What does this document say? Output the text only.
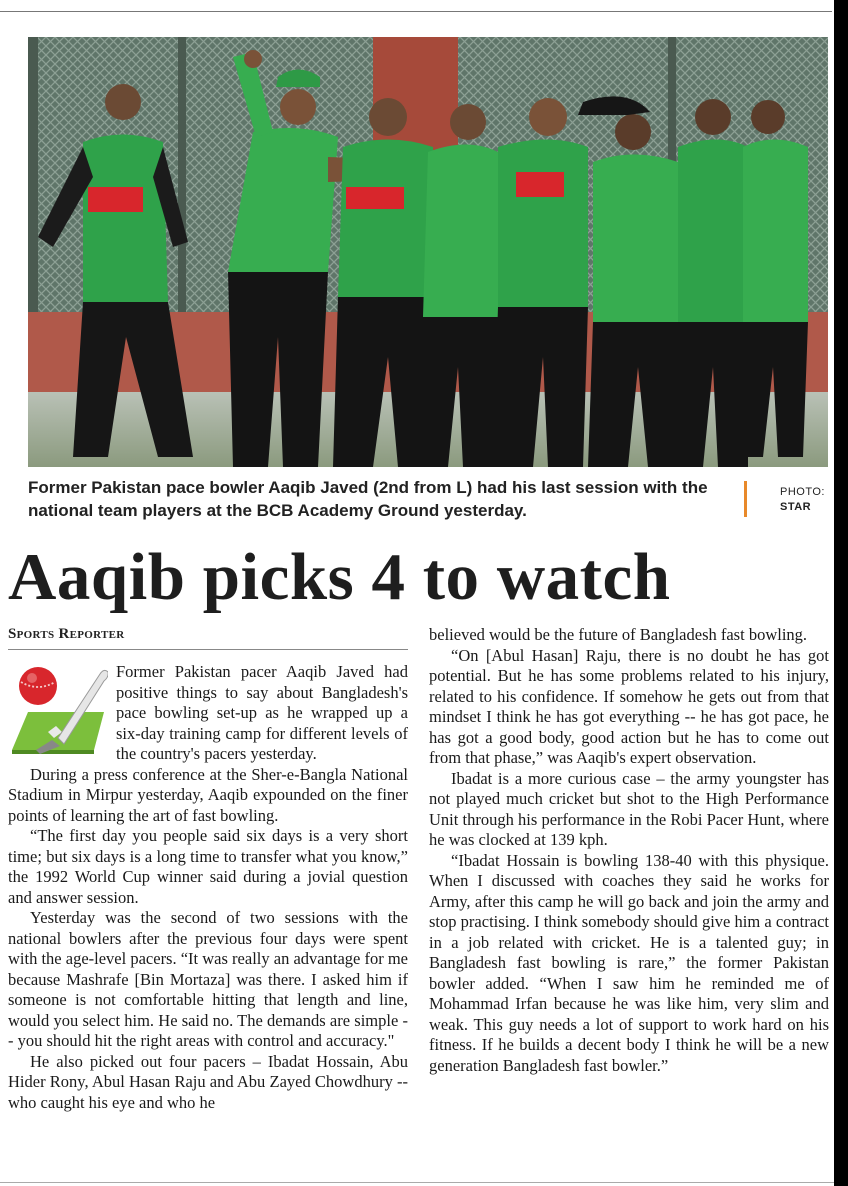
Former Pakistan pace bowler Aaqib Javed (2nd from L) had his last session with the national team players at the BCB Academy Ground yesterday.
PHOTO:
STAR
Aaqib picks 4 to watch
Sports Reporter

Former Pakistan pacer Aaqib Javed had positive things to say about Bangladesh's pace bowling set-up as he wrapped up a six-day training camp for different levels of the country's pacers yesterday.

During a press conference at the Sher-e-Bangla National Stadium in Mirpur yesterday, Aaqib expounded on the finer points of learning the art of fast bowling.

“The first day you people said six days is a very short time; but six days is a long time to transfer what you know,” the 1992 World Cup winner said during a jovial question and answer session.

Yesterday was the second of two sessions with the national bowlers after the previous four days were spent with the age-level pacers. “It was really an advantage for me because Mashrafe [Bin Mortaza] was there. I asked him if someone is not comfortable hitting that length and line, would you select him. He said no. The demands are simple -- you should hit the right areas with control and accuracy."

He also picked out four pacers – Ibadat Hossain, Abu Hider Rony, Abul Hasan Raju and Abu Zayed Chowdhury -- who caught his eye and who he

believed would be the future of Bangladesh fast bowling.

“On [Abul Hasan] Raju, there is no doubt he has got potential. But he has some problems related to his injury, related to his confidence. If somehow he gets out from that mindset I think he has got everything -- he has got pace, he has got a good body, good action but he has to come out from that phase,” was Aaqib's expert observation.

Ibadat is a more curious case – the army youngster has not played much cricket but shot to the High Performance Unit through his performance in the Robi Pacer Hunt, where he was clocked at 139 kph.

“Ibadat Hossain is bowling 138-40 with this physique. When I discussed with coaches they said he works for Army, after this camp he will go back and join the army and stop practising. I think somebody should give him a contract in a job related with cricket. He is a talented guy; in Bangladesh fast bowling is rare,” the former Pakistan bowler added. “When I saw him he reminded me of Mohammad Irfan because he was like him, very slim and weak. This guy needs a lot of support to work hard on his fitness. If he builds a decent body I think he will be a new generation Bangladesh fast bowler.”
